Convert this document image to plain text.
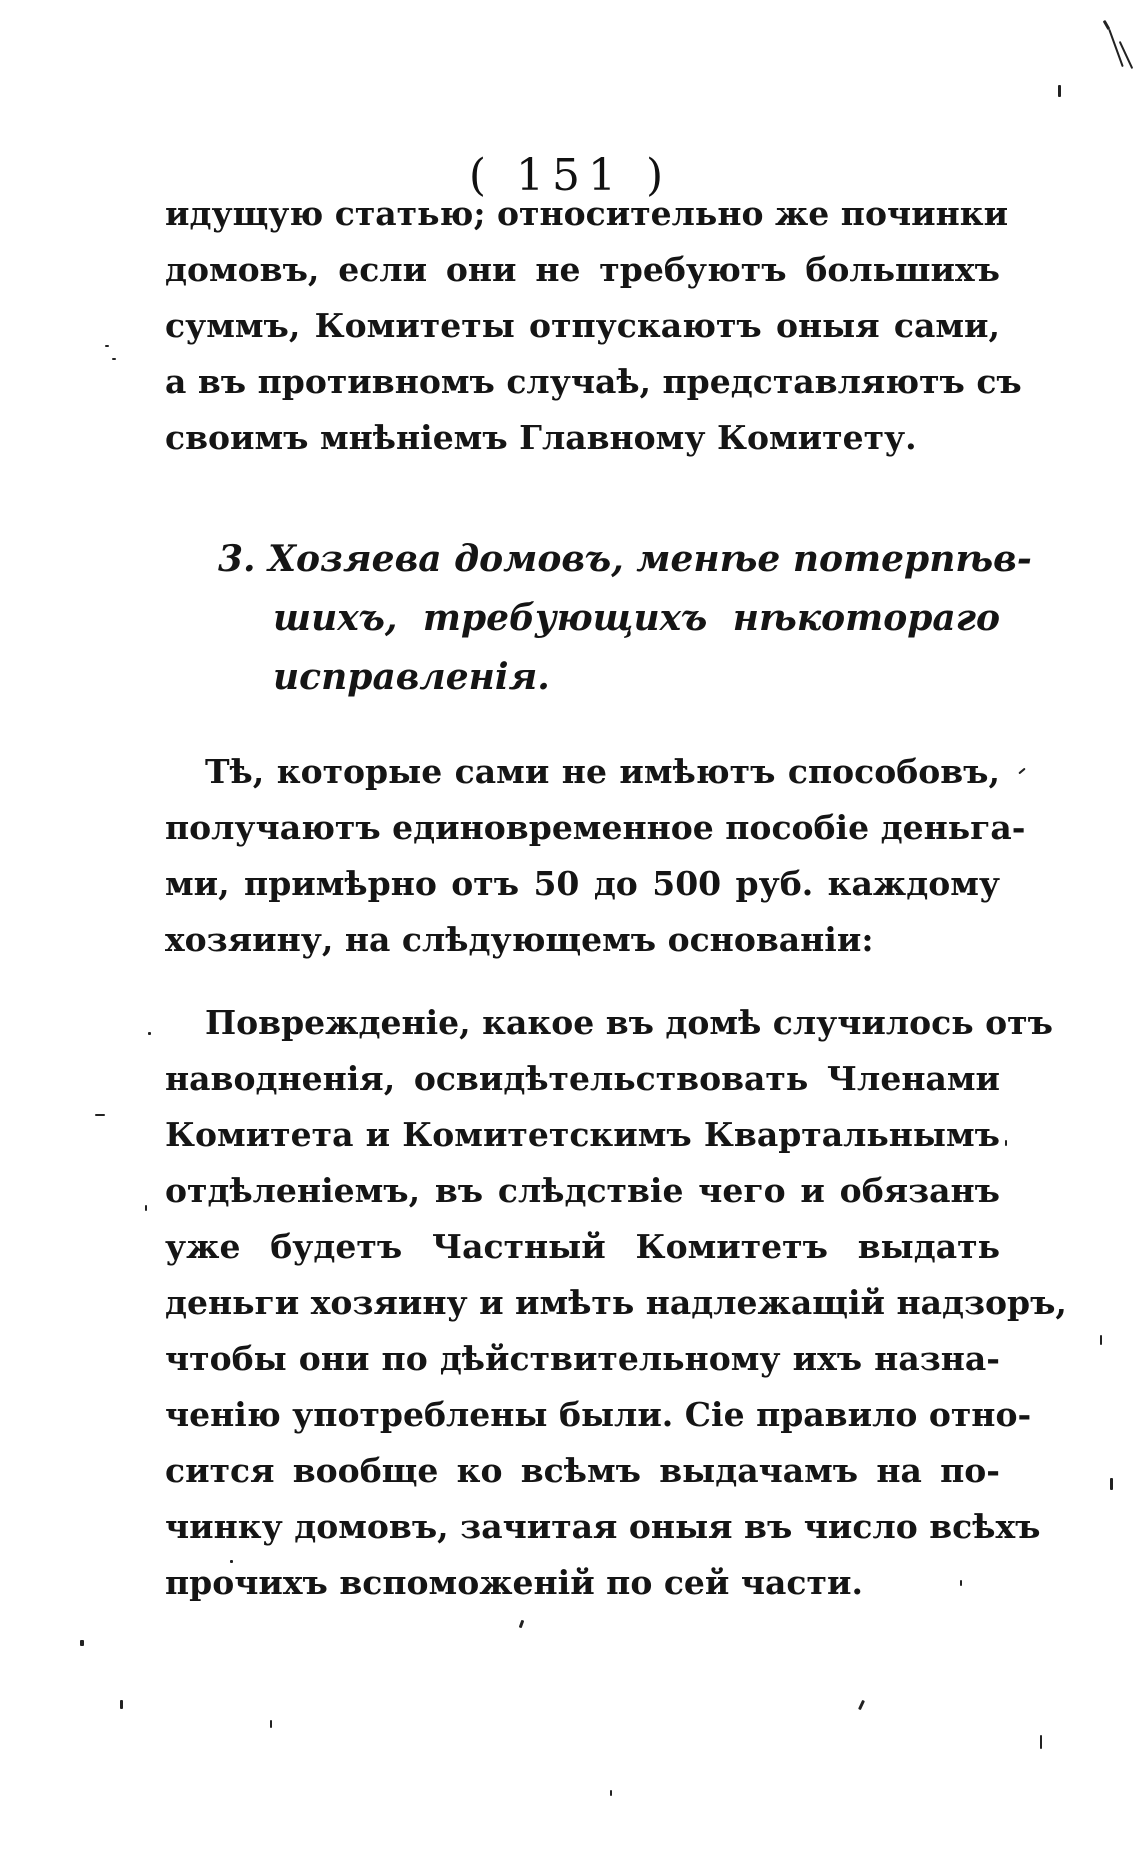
( 151 )
идущую статью; относительно же починки
домовъ, если они не требуютъ большихъ
суммъ, Комитеты отпускаютъ оныя сами,
а въ противномъ случаѣ, представляютъ съ
своимъ мнѣніемъ Главному Комитету.
3. Хозяева домовъ, менѣе потерпѣв-
шихъ, требующихъ нѣкотораго
исправленія.
Тѣ, которые сами не имѣютъ способовъ,
получаютъ единовременное пособіе деньга-
ми, примѣрно отъ 50 до 500 руб. каждому
хозяину, на слѣдующемъ основаніи:
Поврежденіе, какое въ домѣ случилось отъ
наводненія, освидѣтельствовать Членами
Комитета и Комитетскимъ Квартальнымъ
отдѣленіемъ, въ слѣдствіе чего и обязанъ
уже будетъ Частный Комитетъ выдать
деньги хозяину и имѣть надлежащій надзоръ,
чтобы они по дѣйствительному ихъ назна-
ченію употреблены были. Сіе правило отно-
сится вообще ко всѣмъ выдачамъ на по-
чинку домовъ, зачитая оныя въ число всѣхъ
прочихъ вспоможеній по сей части.
